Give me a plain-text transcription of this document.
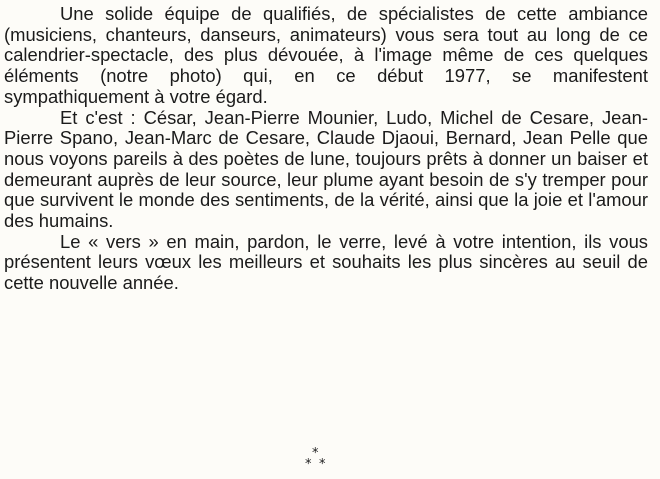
Une solide équipe de qualifiés, de spécialistes de cette ambiance (musiciens, chanteurs, danseurs, animateurs) vous sera tout au long de ce calendrier-spectacle, des plus dévouée, à l'image même de ces quelques éléments (notre photo) qui, en ce début 1977, se manifestent sympathiquement à votre égard.

Et c'est : César, Jean-Pierre Mounier, Ludo, Michel de Cesare, Jean-Pierre Spano, Jean-Marc de Cesare, Claude Djaoui, Bernard, Jean Pelle que nous voyons pareils à des poètes de lune, toujours prêts à donner un baiser et demeurant auprès de leur source, leur plume ayant besoin de s'y tremper pour que survivent le monde des sentiments, de la vérité, ainsi que la joie et l'amour des humains.

Le « vers » en main, pardon, le verre, levé à votre intention, ils vous présentent leurs vœux les meilleurs et souhaits les plus sincères au seuil de cette nouvelle année.

*
* *
